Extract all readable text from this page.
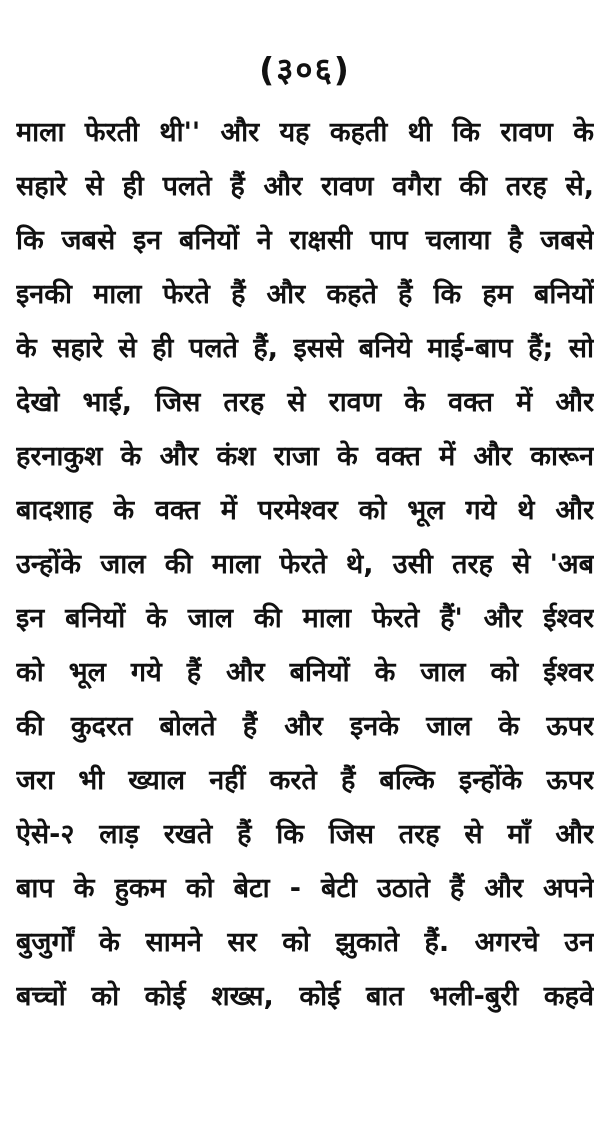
(३०६)
माला फेरती थी'' और यह कहती थी कि रावण के
सहारे से ही पलते हैं और रावण वगैरा की तरह से,
कि जबसे इन बनियों ने राक्षसी पाप चलाया है जबसे
इनकी माला फेरते हैं और कहते हैं कि हम बनियों
के सहारे से ही पलते हैं, इससे बनिये माई-बाप हैं; सो
देखो भाई, जिस तरह से रावण के वक्त में और
हरनाकुश के और कंश राजा के वक्त में और कारून
बादशाह के वक्त में परमेश्वर को भूल गये थे और
उन्होंके जाल की माला फेरते थे, उसी तरह से 'अब
इन बनियों के जाल की माला फेरते हैं' और ईश्वर
को भूल गये हैं और बनियों के जाल को ईश्वर
की कुदरत बोलते हैं और इनके जाल के ऊपर
जरा भी ख्याल नहीं करते हैं बल्कि इन्होंके ऊपर
ऐसे-२ लाड़ रखते हैं कि जिस तरह से माँ और
बाप के हुकम को बेटा - बेटी उठाते हैं और अपने
बुजुर्गों के सामने सर को झुकाते हैं. अगरचे उन
बच्चों को कोई शख्स, कोई बात भली-बुरी कहवे
